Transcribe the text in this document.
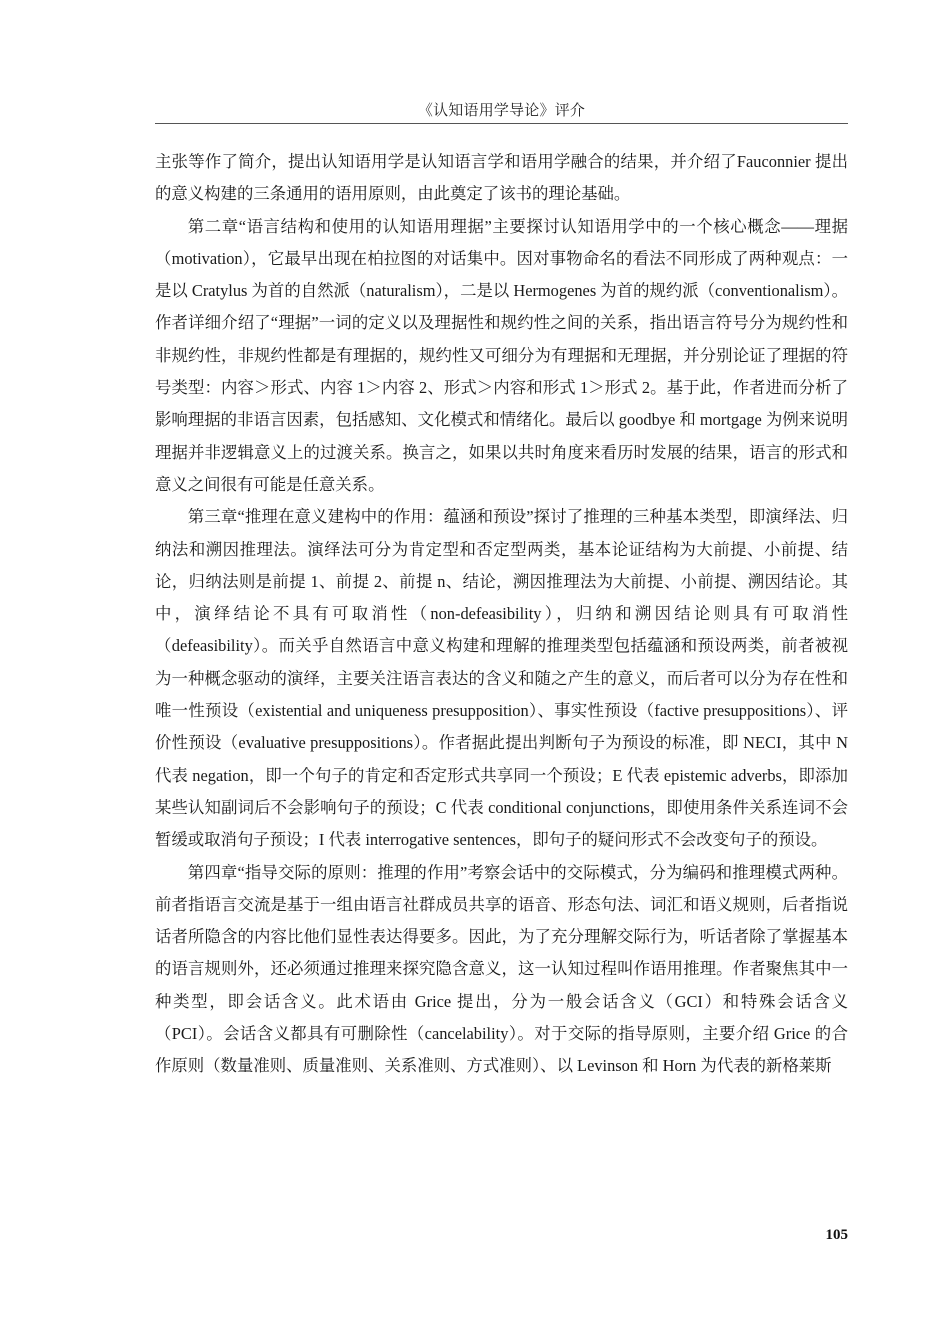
《认知语用学导论》评介

主张等作了简介，提出认知语用学是认知语言学和语用学融合的结果，并介绍了Fauconnier 提出的意义构建的三条通用的语用原则，由此奠定了该书的理论基础。

第二章“语言结构和使用的认知语用理据”主要探讨认知语用学中的一个核心概念——理据（motivation），它最早出现在柏拉图的对话集中。因对事物命名的看法不同形成了两种观点：一是以 Cratylus 为首的自然派（naturalism），二是以 Hermogenes 为首的规约派（conventionalism）。作者详细介绍了“理据”一词的定义以及理据性和规约性之间的关系，指出语言符号分为规约性和非规约性，非规约性都是有理据的，规约性又可细分为有理据和无理据，并分别论证了理据的符号类型：内容＞形式、内容 1＞内容 2、形式＞内容和形式 1＞形式 2。基于此，作者进而分析了影响理据的非语言因素，包括感知、文化模式和情绪化。最后以 goodbye 和 mortgage 为例来说明理据并非逻辑意义上的过渡关系。换言之，如果以共时角度来看历时发展的结果，语言的形式和意义之间很有可能是任意关系。

第三章“推理在意义建构中的作用：蕴涵和预设”探讨了推理的三种基本类型，即演绎法、归纳法和溯因推理法。演绎法可分为肯定型和否定型两类，基本论证结构为大前提、小前提、结论，归纳法则是前提 1、前提 2、前提 n、结论，溯因推理法为大前提、小前提、溯因结论。其中，演绎结论不具有可取消性（non-defeasibility），归纳和溯因结论则具有可取消性（defeasibility）。而关乎自然语言中意义构建和理解的推理类型包括蕴涵和预设两类，前者被视为一种概念驱动的演绎，主要关注语言表达的含义和随之产生的意义，而后者可以分为存在性和唯一性预设（existential and uniqueness presupposition）、事实性预设（factive presuppositions）、评价性预设（evaluative presuppositions）。作者据此提出判断句子为预设的标准，即 NECI，其中 N 代表 negation，即一个句子的肯定和否定形式共享同一个预设；E 代表 epistemic adverbs，即添加某些认知副词后不会影响句子的预设；C 代表 conditional conjunctions，即使用条件关系连词不会暂缓或取消句子预设；I 代表 interrogative sentences，即句子的疑问形式不会改变句子的预设。

第四章“指导交际的原则：推理的作用”考察会话中的交际模式，分为编码和推理模式两种。前者指语言交流是基于一组由语言社群成员共享的语音、形态句法、词汇和语义规则，后者指说话者所隐含的内容比他们显性表达得要多。因此，为了充分理解交际行为，听话者除了掌握基本的语言规则外，还必须通过推理来探究隐含意义，这一认知过程叫作语用推理。作者聚焦其中一种类型，即会话含义。此术语由 Grice 提出，分为一般会话含义（GCI）和特殊会话含义（PCI）。会话含义都具有可删除性（cancelability）。对于交际的指导原则，主要介绍 Grice 的合作原则（数量准则、质量准则、关系准则、方式准则）、以 Levinson 和 Horn 为代表的新格莱斯

105
